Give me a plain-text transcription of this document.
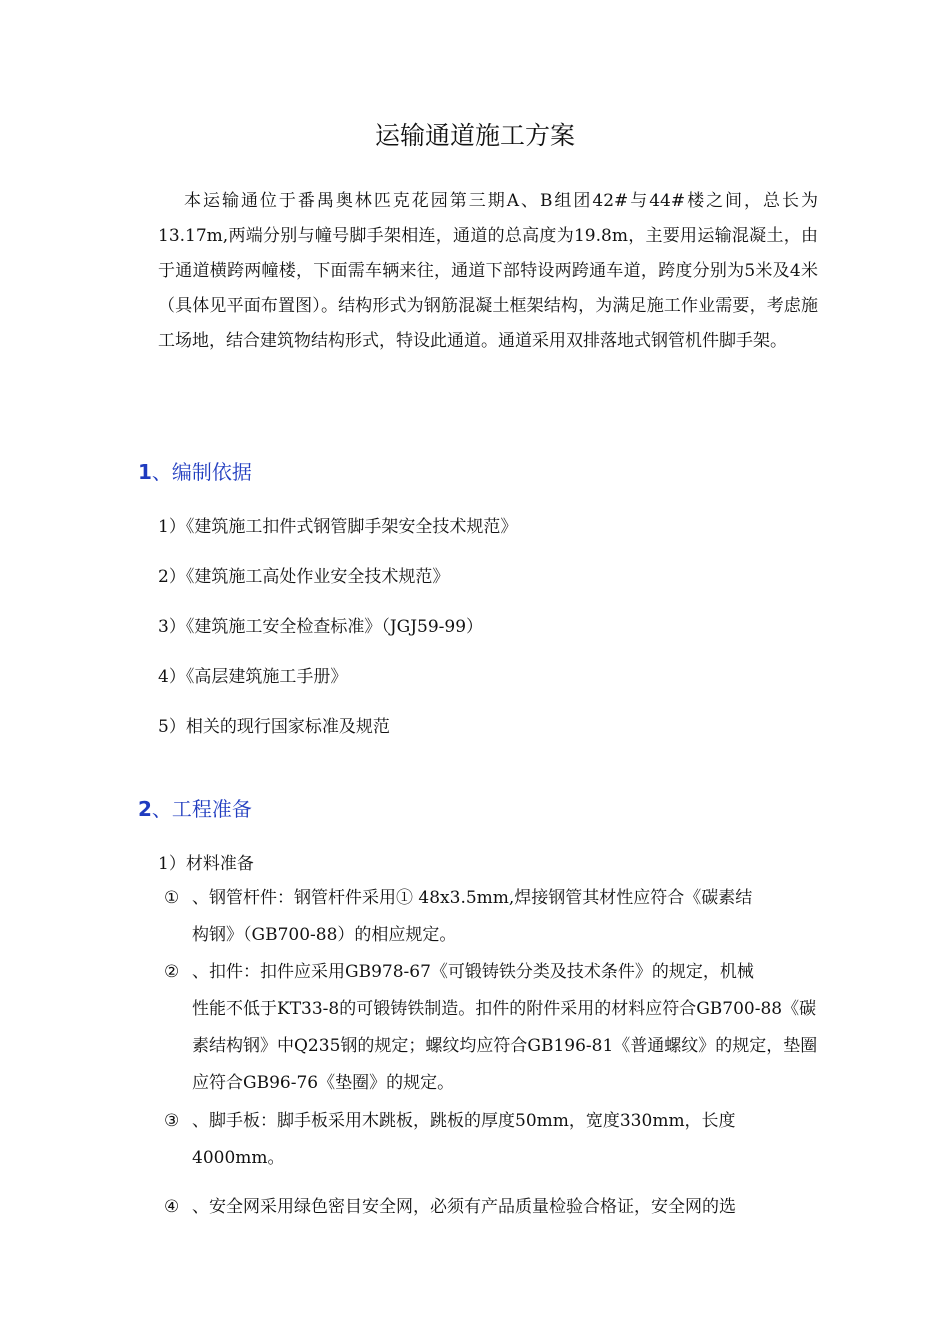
运输通道施工方案
本运输通位于番禺奥林匹克花园第三期A、B组团42#与44#楼之间，总长为13.17m,两端分别与幢号脚手架相连，通道的总高度为19.8m，主要用运输混凝土，由于通道横跨两幢楼，下面需车辆来往，通道下部特设两跨通车道，跨度分别为5米及4米（具体见平面布置图）。结构形式为钢筋混凝土框架结构，为满足施工作业需要，考虑施工场地，结合建筑物结构形式，特设此通道。通道采用双排落地式钢管机件脚手架。
1、编制依据
1）《建筑施工扣件式钢管脚手架安全技术规范》
2）《建筑施工高处作业安全技术规范》
3）《建筑施工安全检查标准》（JGJ59-99）
4）《高层建筑施工手册》
5）相关的现行国家标准及规范
2、工程准备
1）材料准备
① 、钢管杆件：钢管杆件采用① 48x3.5mm,焊接钢管其材性应符合《碳素结
构钢》（GB700-88）的相应规定。
② 、扣件：扣件应采用GB978-67《可锻铸铁分类及技术条件》的规定，机械
性能不低于KT33-8的可锻铸铁制造。扣件的附件采用的材料应符合GB700-88《碳素结构钢》中Q235钢的规定；螺纹均应符合GB196-81《普通螺纹》的规定，垫圈应符合GB96-76《垫圈》的规定。
③ 、脚手板：脚手板采用木跳板，跳板的厚度50mm，宽度330mm，长度
4000mm。
④ 、安全网采用绿色密目安全网，必须有产品质量检验合格证，安全网的选
